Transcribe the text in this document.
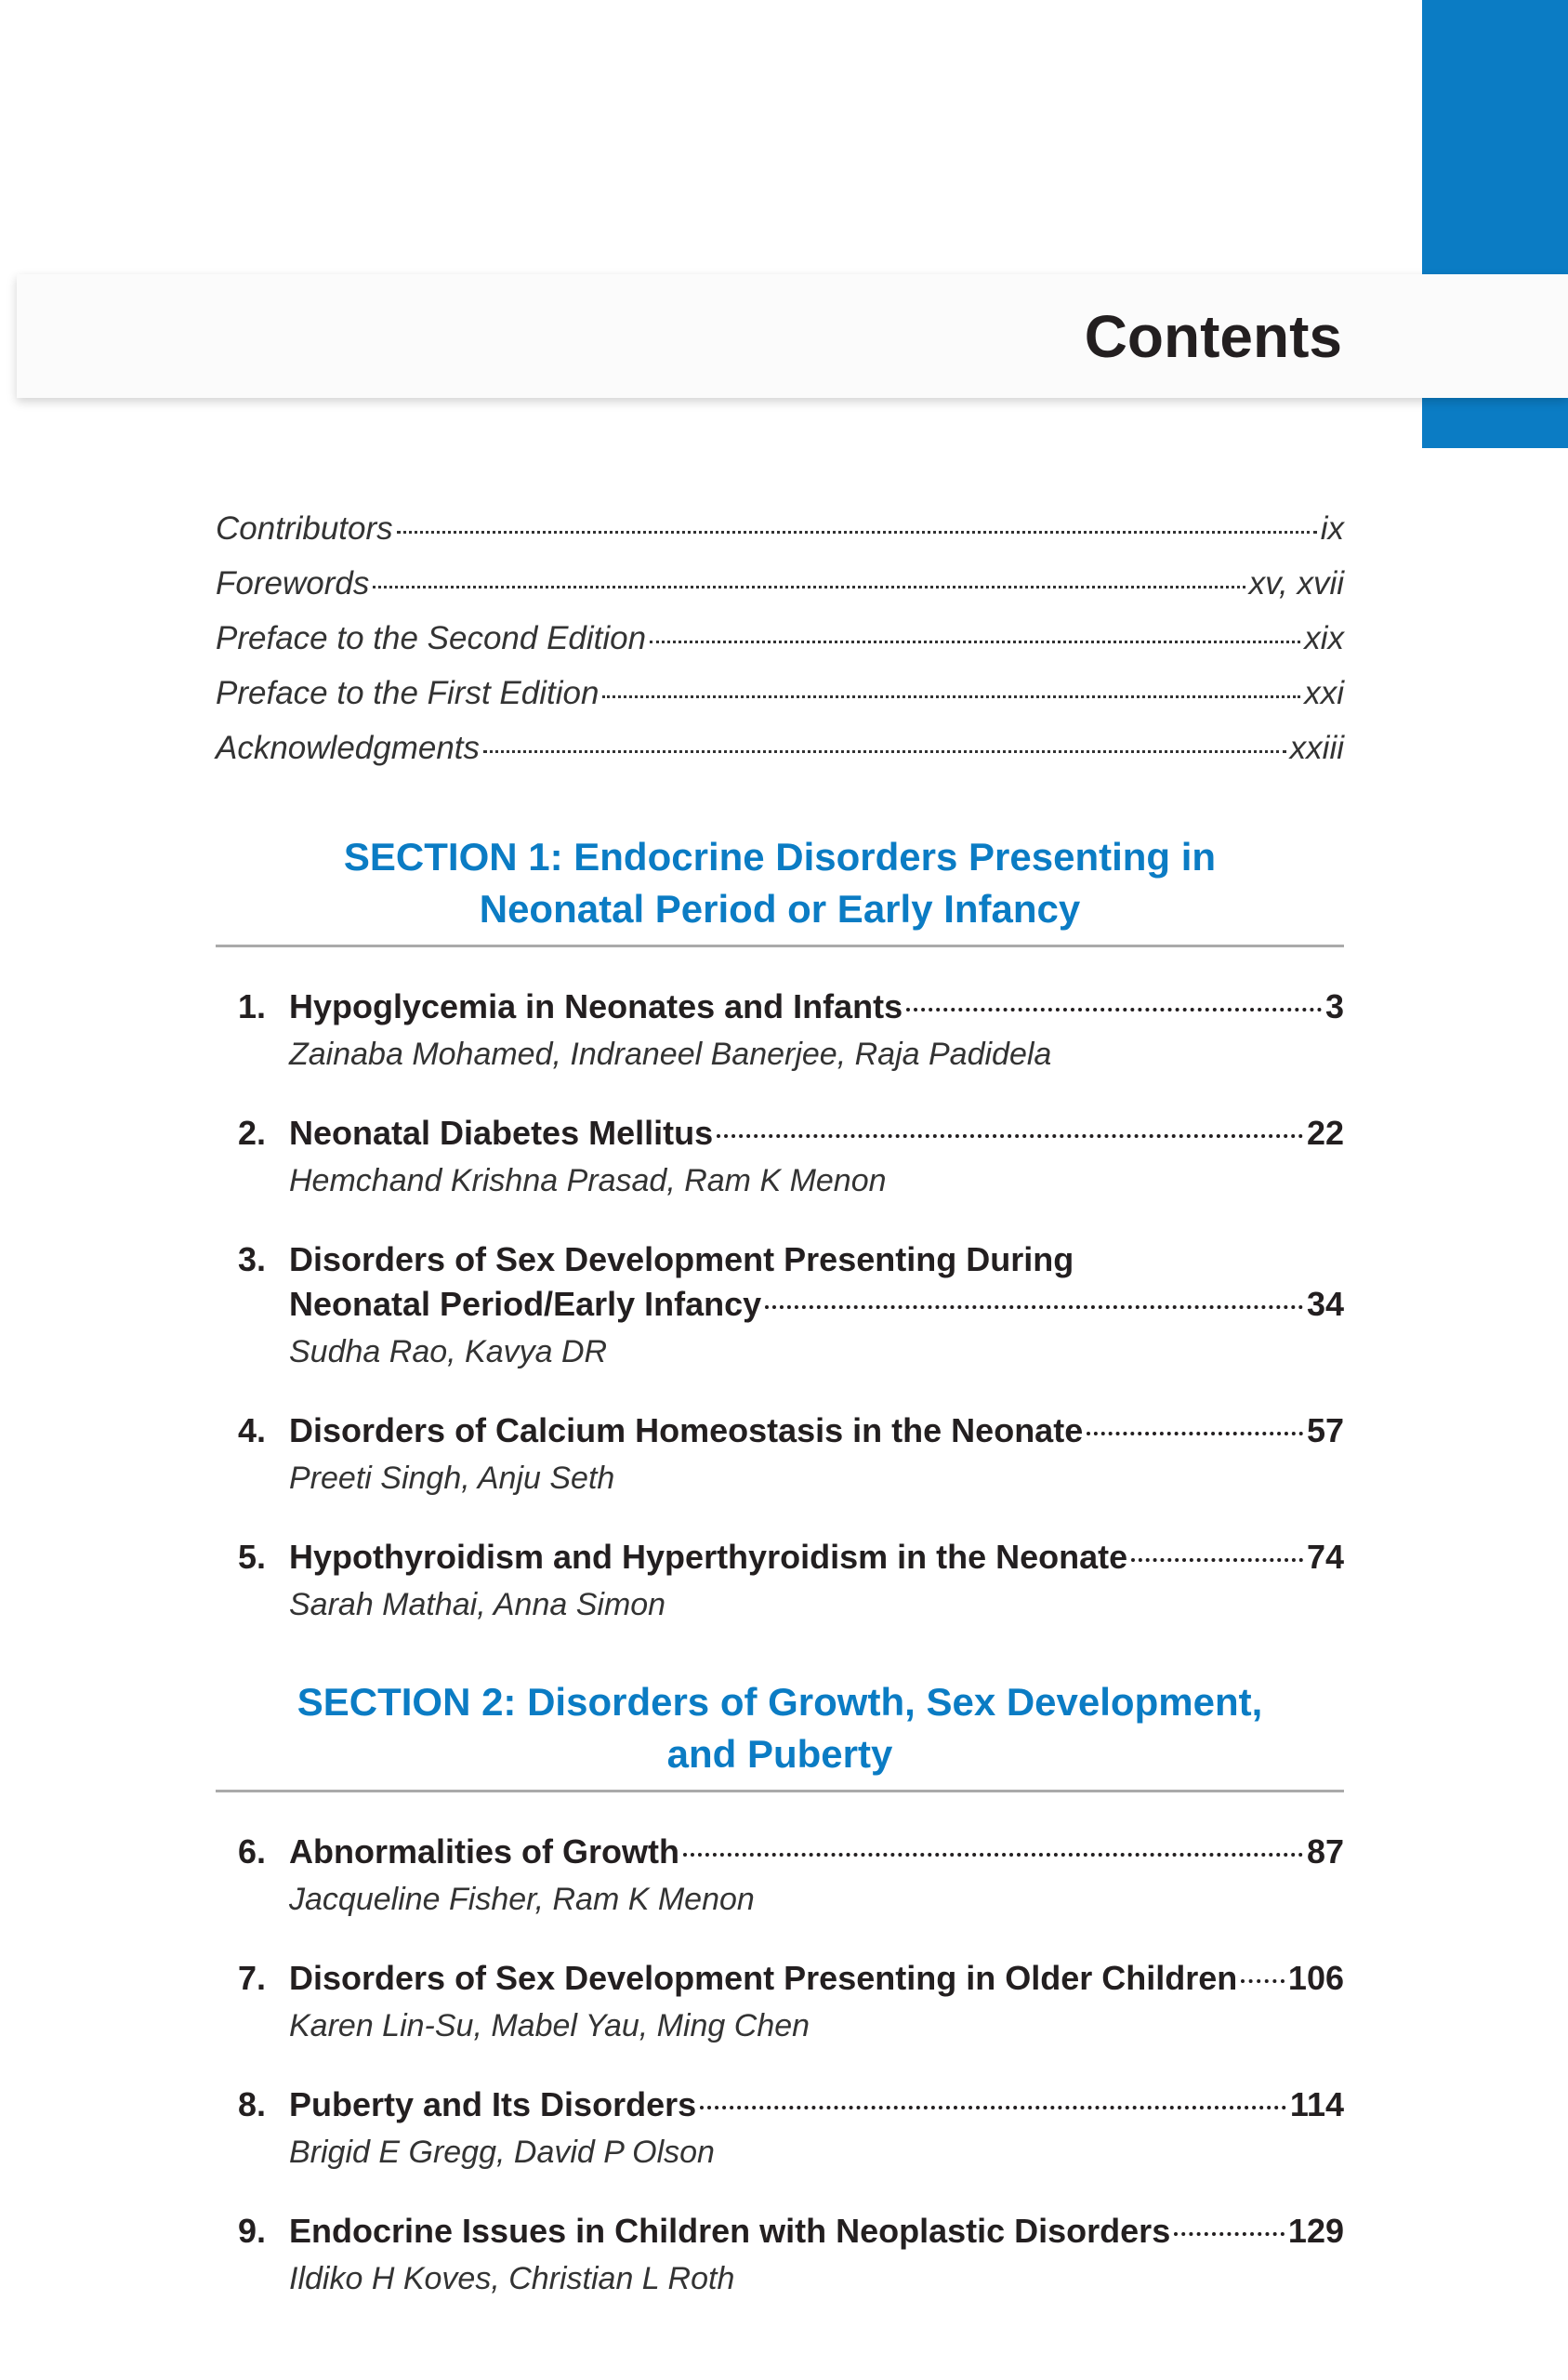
Contents
Contributors	ix
Forewords	xv, xvii
Preface to the Second Edition	xix
Preface to the First Edition	xxi
Acknowledgments	xxiii
SECTION 1: Endocrine Disorders Presenting in
Neonatal Period or Early Infancy
1. Hypoglycemia in Neonates and Infants	3
Zainaba Mohamed, Indraneel Banerjee, Raja Padidela
2. Neonatal Diabetes Mellitus	22
Hemchand Krishna Prasad, Ram K Menon
3. Disorders of Sex Development Presenting During
Neonatal Period/Early Infancy	34
Sudha Rao, Kavya DR
4. Disorders of Calcium Homeostasis in the Neonate	57
Preeti Singh, Anju Seth
5. Hypothyroidism and Hyperthyroidism in the Neonate	74
Sarah Mathai, Anna Simon
SECTION 2: Disorders of Growth, Sex Development,
and Puberty
6. Abnormalities of Growth	87
Jacqueline Fisher, Ram K Menon
7. Disorders of Sex Development Presenting in Older Children 106
Karen Lin-Su, Mabel Yau, Ming Chen
8. Puberty and Its Disorders	114
Brigid E Gregg, David P Olson
9. Endocrine Issues in Children with Neoplastic Disorders	129
Ildiko H Koves, Christian L Roth
